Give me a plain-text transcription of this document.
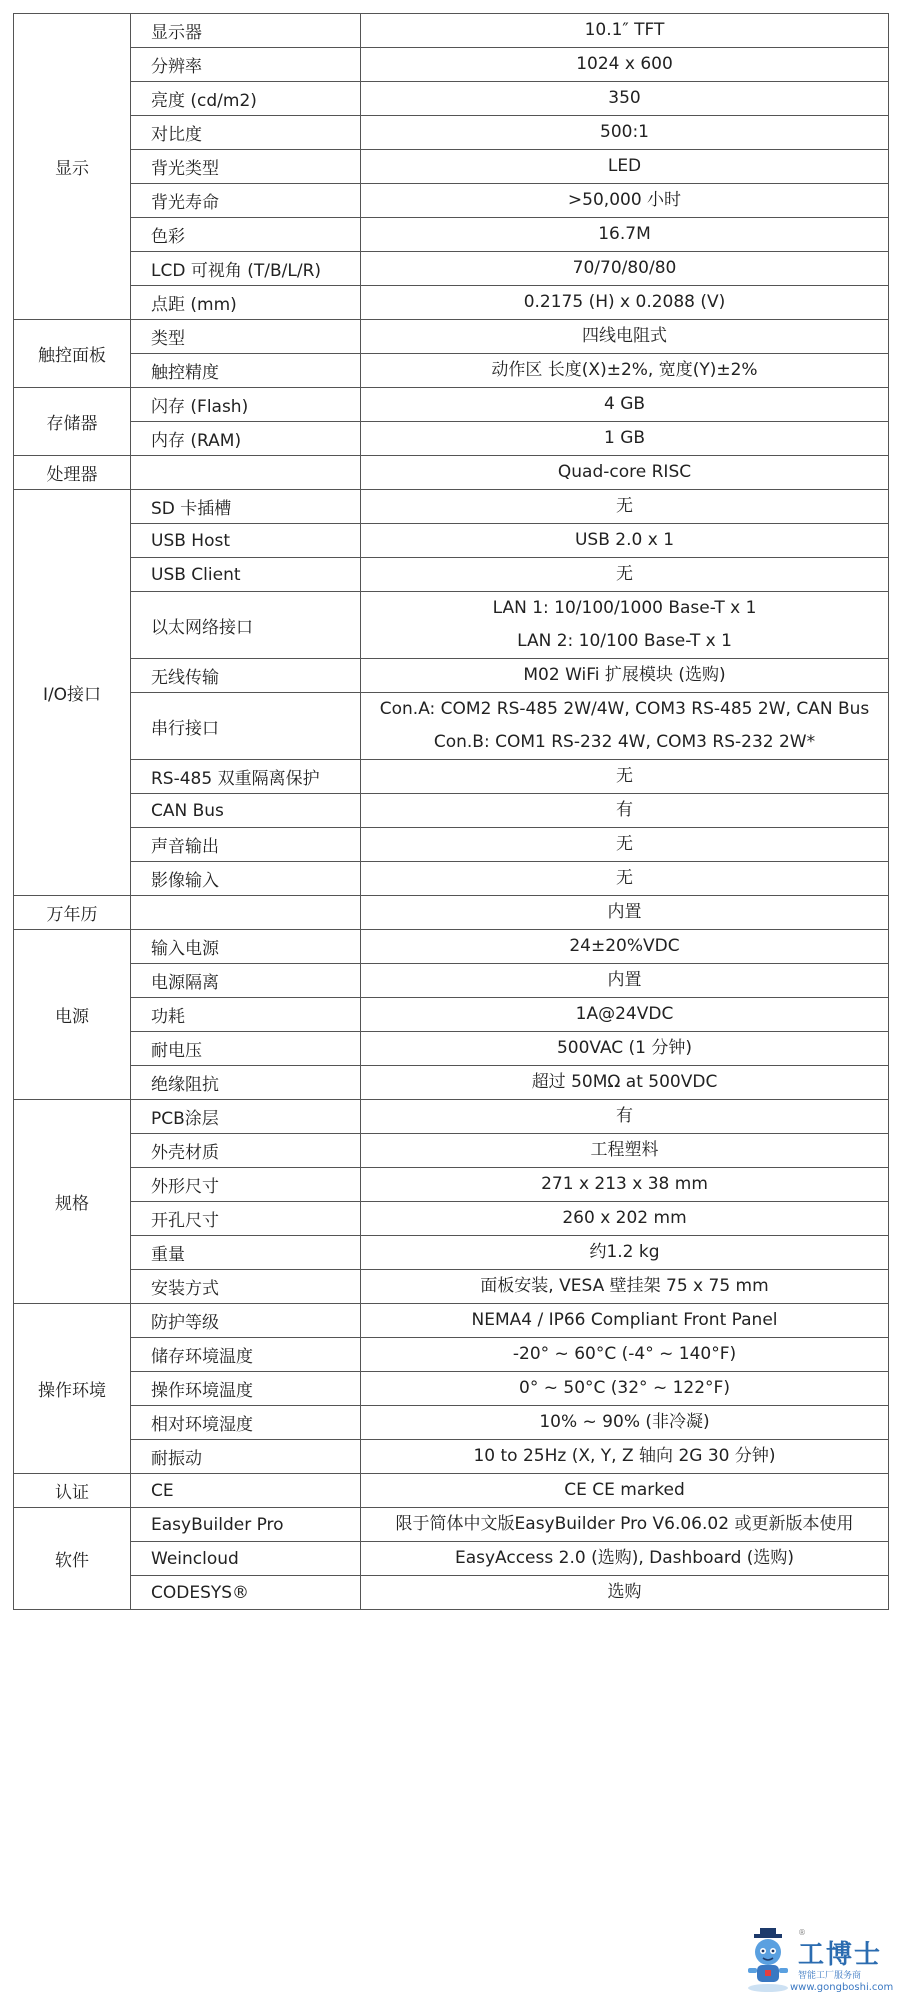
显示	显示器	10.1″ TFT

	分辨率	1024 x 600

	亮度 (cd/m2)	350

	对比度	500:1

	背光类型	LED

	背光寿命	>50,000 小时

	色彩	16.7M

	LCD 可视角 (T/B/L/R)	70/70/80/80

	点距 (mm)	0.2175 (H) x 0.2088 (V)

触控面板	类型	四线电阻式

	触控精度	动作区 长度(X)±2%, 宽度(Y)±2%

存储器	闪存 (Flash)	4 GB

	内存 (RAM)	1 GB

处理器		Quad-core RISC

I/O接口	SD 卡插槽	无

	USB Host	USB 2.0 x 1

	USB Client	无

	以太网络接口	LAN 1: 10/100/1000 Base-T x 1
LAN 2: 10/100 Base-T x 1

	无线传输	M02 WiFi 扩展模块 (选购)

	串行接口	Con.A: COM2 RS-485 2W/4W, COM3 RS-485 2W, CAN Bus
Con.B: COM1 RS-232 4W, COM3 RS-232 2W*

	RS-485 双重隔离保护	无

	CAN Bus	有

	声音输出	无

	影像输入	无

万年历		内置

电源	输入电源	24±20%VDC

	电源隔离	内置

	功耗	1A@24VDC

	耐电压	500VAC (1 分钟)

	绝缘阻抗	超过 50MΩ at 500VDC

规格	PCB涂层	有

	外壳材质	工程塑料

	外形尺寸	271 x 213 x 38 mm

	开孔尺寸	260 x 202 mm

	重量	约1.2 kg

	安装方式	面板安装, VESA 壁挂架 75 x 75 mm

操作环境	防护等级	NEMA4 / IP66 Compliant Front Panel

	储存环境温度	-20° ~ 60°C (-4° ~ 140°F)

	操作环境温度	0° ~ 50°C (32° ~ 122°F)

	相对环境湿度	10% ~ 90% (非冷凝)

	耐振动	10 to 25Hz (X, Y, Z 轴向 2G 30 分钟)

认证	CE	CE CE marked

软件	EasyBuilder Pro	限于简体中文版EasyBuilder Pro V6.06.02 或更新版本使用

	Weincloud	EasyAccess 2.0 (选购), Dashboard (选购)

	CODESYS®	选购
®
工博士
智能工厂服务商
www.gongboshi.com
